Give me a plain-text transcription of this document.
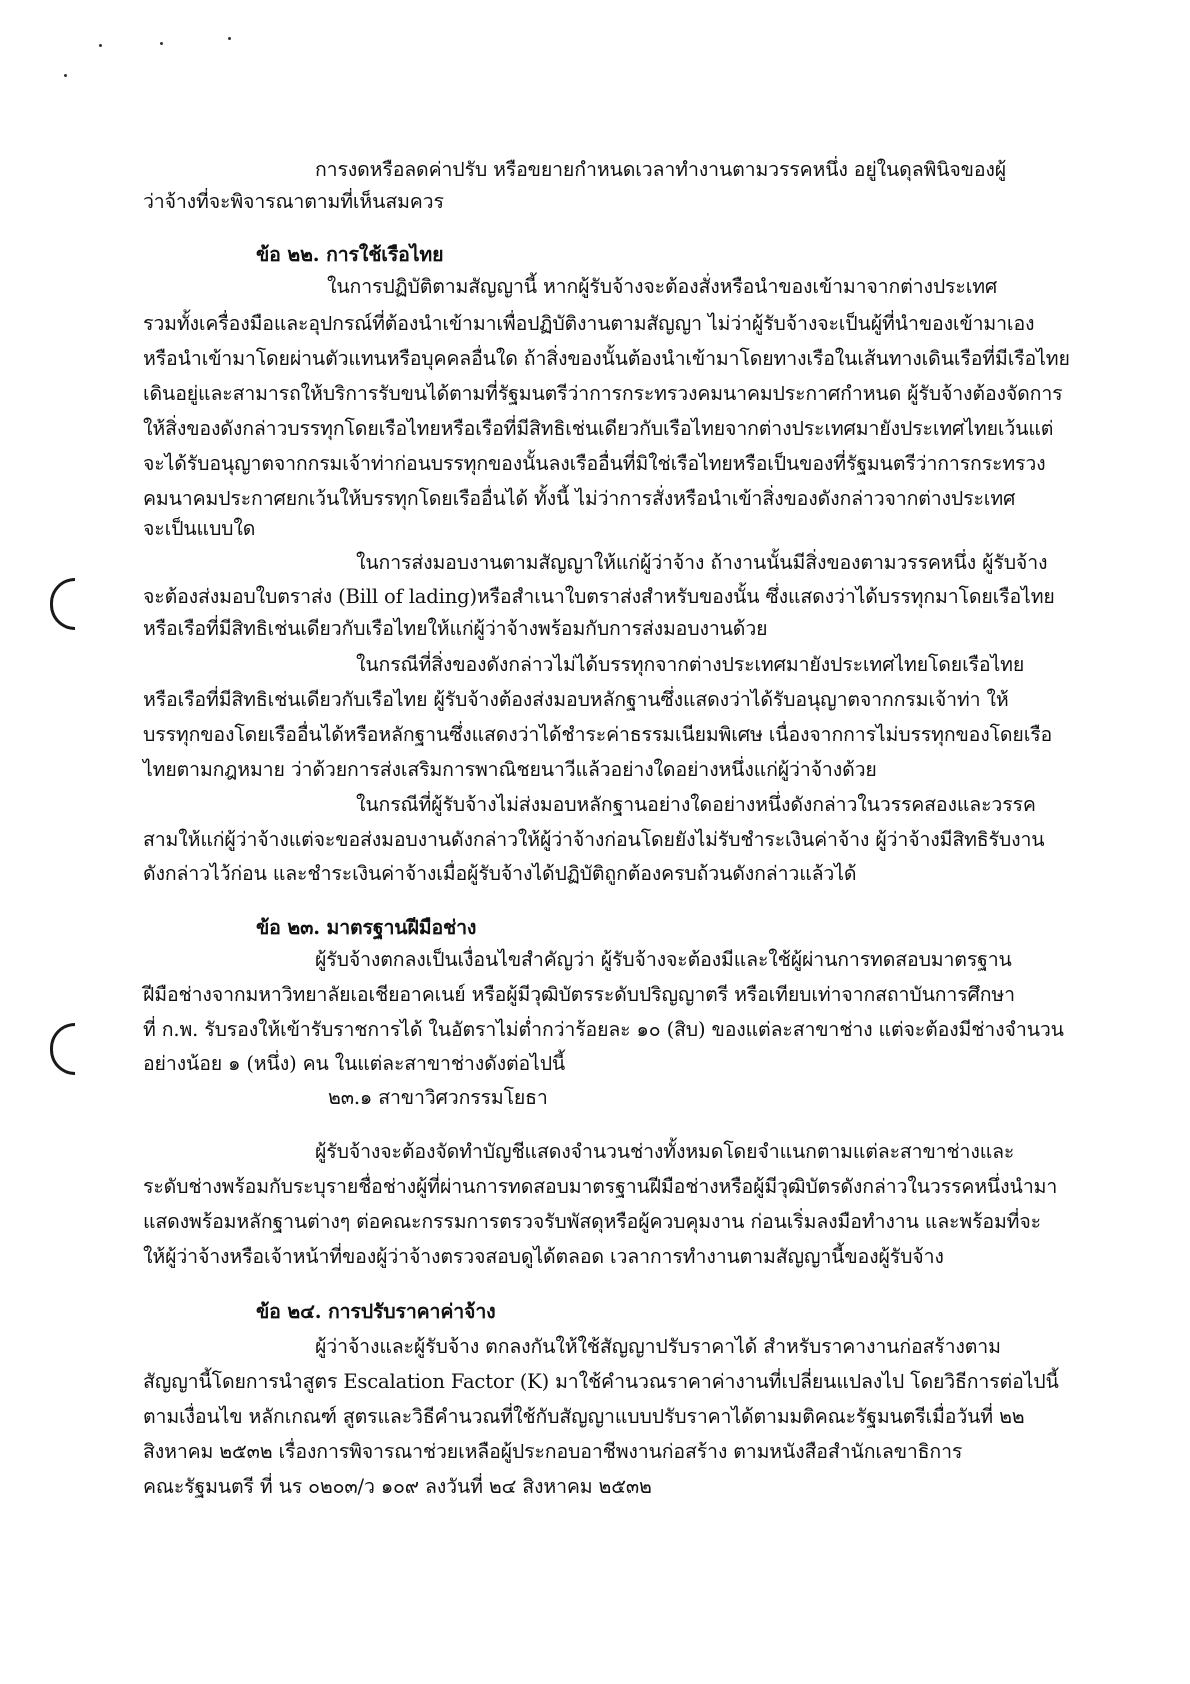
การงดหรือลดค่าปรับ หรือขยายกำหนดเวลาทำงานตามวรรคหนึ่ง อยู่ในดุลพินิจของผู้
ว่าจ้างที่จะพิจารณาตามที่เห็นสมควร
ข้อ ๒๒. การใช้เรือไทย
ในการปฏิบัติตามสัญญานี้ หากผู้รับจ้างจะต้องสั่งหรือนำของเข้ามาจากต่างประเทศ
รวมทั้งเครื่องมือและอุปกรณ์ที่ต้องนำเข้ามาเพื่อปฏิบัติงานตามสัญญา ไม่ว่าผู้รับจ้างจะเป็นผู้ที่นำของเข้ามาเอง
หรือนำเข้ามาโดยผ่านตัวแทนหรือบุคคลอื่นใด ถ้าสิ่งของนั้นต้องนำเข้ามาโดยทางเรือในเส้นทางเดินเรือที่มีเรือไทย
เดินอยู่และสามารถให้บริการรับขนได้ตามที่รัฐมนตรีว่าการกระทรวงคมนาคมประกาศกำหนด ผู้รับจ้างต้องจัดการ
ให้สิ่งของดังกล่าวบรรทุกโดยเรือไทยหรือเรือที่มีสิทธิเช่นเดียวกับเรือไทยจากต่างประเทศมายังประเทศไทยเว้นแต่
จะได้รับอนุญาตจากกรมเจ้าท่าก่อนบรรทุกของนั้นลงเรืออื่นที่มิใช่เรือไทยหรือเป็นของที่รัฐมนตรีว่าการกระทรวง
คมนาคมประกาศยกเว้นให้บรรทุกโดยเรืออื่นได้ ทั้งนี้ ไม่ว่าการสั่งหรือนำเข้าสิ่งของดังกล่าวจากต่างประเทศ
จะเป็นแบบใด
ในการส่งมอบงานตามสัญญาให้แก่ผู้ว่าจ้าง ถ้างานนั้นมีสิ่งของตามวรรคหนึ่ง ผู้รับจ้าง
จะต้องส่งมอบใบตราส่ง (Bill of lading)หรือสำเนาใบตราส่งสำหรับของนั้น ซึ่งแสดงว่าได้บรรทุกมาโดยเรือไทย
หรือเรือที่มีสิทธิเช่นเดียวกับเรือไทยให้แก่ผู้ว่าจ้างพร้อมกับการส่งมอบงานด้วย
ในกรณีที่สิ่งของดังกล่าวไม่ได้บรรทุกจากต่างประเทศมายังประเทศไทยโดยเรือไทย
หรือเรือที่มีสิทธิเช่นเดียวกับเรือไทย ผู้รับจ้างต้องส่งมอบหลักฐานซึ่งแสดงว่าได้รับอนุญาตจากกรมเจ้าท่า ให้
บรรทุกของโดยเรืออื่นได้หรือหลักฐานซึ่งแสดงว่าได้ชำระค่าธรรมเนียมพิเศษ เนื่องจากการไม่บรรทุกของโดยเรือ
ไทยตามกฎหมาย ว่าด้วยการส่งเสริมการพาณิชยนาวีแล้วอย่างใดอย่างหนึ่งแก่ผู้ว่าจ้างด้วย
ในกรณีที่ผู้รับจ้างไม่ส่งมอบหลักฐานอย่างใดอย่างหนึ่งดังกล่าวในวรรคสองและวรรค
สามให้แก่ผู้ว่าจ้างแต่จะขอส่งมอบงานดังกล่าวให้ผู้ว่าจ้างก่อนโดยยังไม่รับชำระเงินค่าจ้าง ผู้ว่าจ้างมีสิทธิรับงาน
ดังกล่าวไว้ก่อน และชำระเงินค่าจ้างเมื่อผู้รับจ้างได้ปฏิบัติถูกต้องครบถ้วนดังกล่าวแล้วได้
ข้อ ๒๓. มาตรฐานฝีมือช่าง
ผู้รับจ้างตกลงเป็นเงื่อนไขสำคัญว่า ผู้รับจ้างจะต้องมีและใช้ผู้ผ่านการทดสอบมาตรฐาน
ฝีมือช่างจากมหาวิทยาลัยเอเชียอาคเนย์ หรือผู้มีวุฒิบัตรระดับปริญญาตรี หรือเทียบเท่าจากสถาบันการศึกษา
ที่ ก.พ. รับรองให้เข้ารับราชการได้ ในอัตราไม่ต่ำกว่าร้อยละ ๑๐ (สิบ) ของแต่ละสาขาช่าง แต่จะต้องมีช่างจำนวน
อย่างน้อย ๑ (หนึ่ง) คน ในแต่ละสาขาช่างดังต่อไปนี้
๒๓.๑ สาขาวิศวกรรมโยธา
ผู้รับจ้างจะต้องจัดทำบัญชีแสดงจำนวนช่างทั้งหมดโดยจำแนกตามแต่ละสาขาช่างและ
ระดับช่างพร้อมกับระบุรายชื่อช่างผู้ที่ผ่านการทดสอบมาตรฐานฝีมือช่างหรือผู้มีวุฒิบัตรดังกล่าวในวรรคหนึ่งนำมา
แสดงพร้อมหลักฐานต่างๆ ต่อคณะกรรมการตรวจรับพัสดุหรือผู้ควบคุมงาน ก่อนเริ่มลงมือทำงาน และพร้อมที่จะ
ให้ผู้ว่าจ้างหรือเจ้าหน้าที่ของผู้ว่าจ้างตรวจสอบดูได้ตลอด เวลาการทำงานตามสัญญานี้ของผู้รับจ้าง
ข้อ ๒๔. การปรับราคาค่าจ้าง
ผู้ว่าจ้างและผู้รับจ้าง ตกลงกันให้ใช้สัญญาปรับราคาได้ สำหรับราคางานก่อสร้างตาม
สัญญานี้โดยการนำสูตร Escalation Factor (K) มาใช้คำนวณราคาค่างานที่เปลี่ยนแปลงไป โดยวิธีการต่อไปนี้
ตามเงื่อนไข หลักเกณฑ์ สูตรและวิธีคำนวณที่ใช้กับสัญญาแบบปรับราคาได้ตามมติคณะรัฐมนตรีเมื่อวันที่ ๒๒
สิงหาคม ๒๕๓๒ เรื่องการพิจารณาช่วยเหลือผู้ประกอบอาชีพงานก่อสร้าง ตามหนังสือสำนักเลขาธิการ
คณะรัฐมนตรี ที่ นร ๐๒๐๓/ว ๑๐๙ ลงวันที่ ๒๔ สิงหาคม ๒๕๓๒
